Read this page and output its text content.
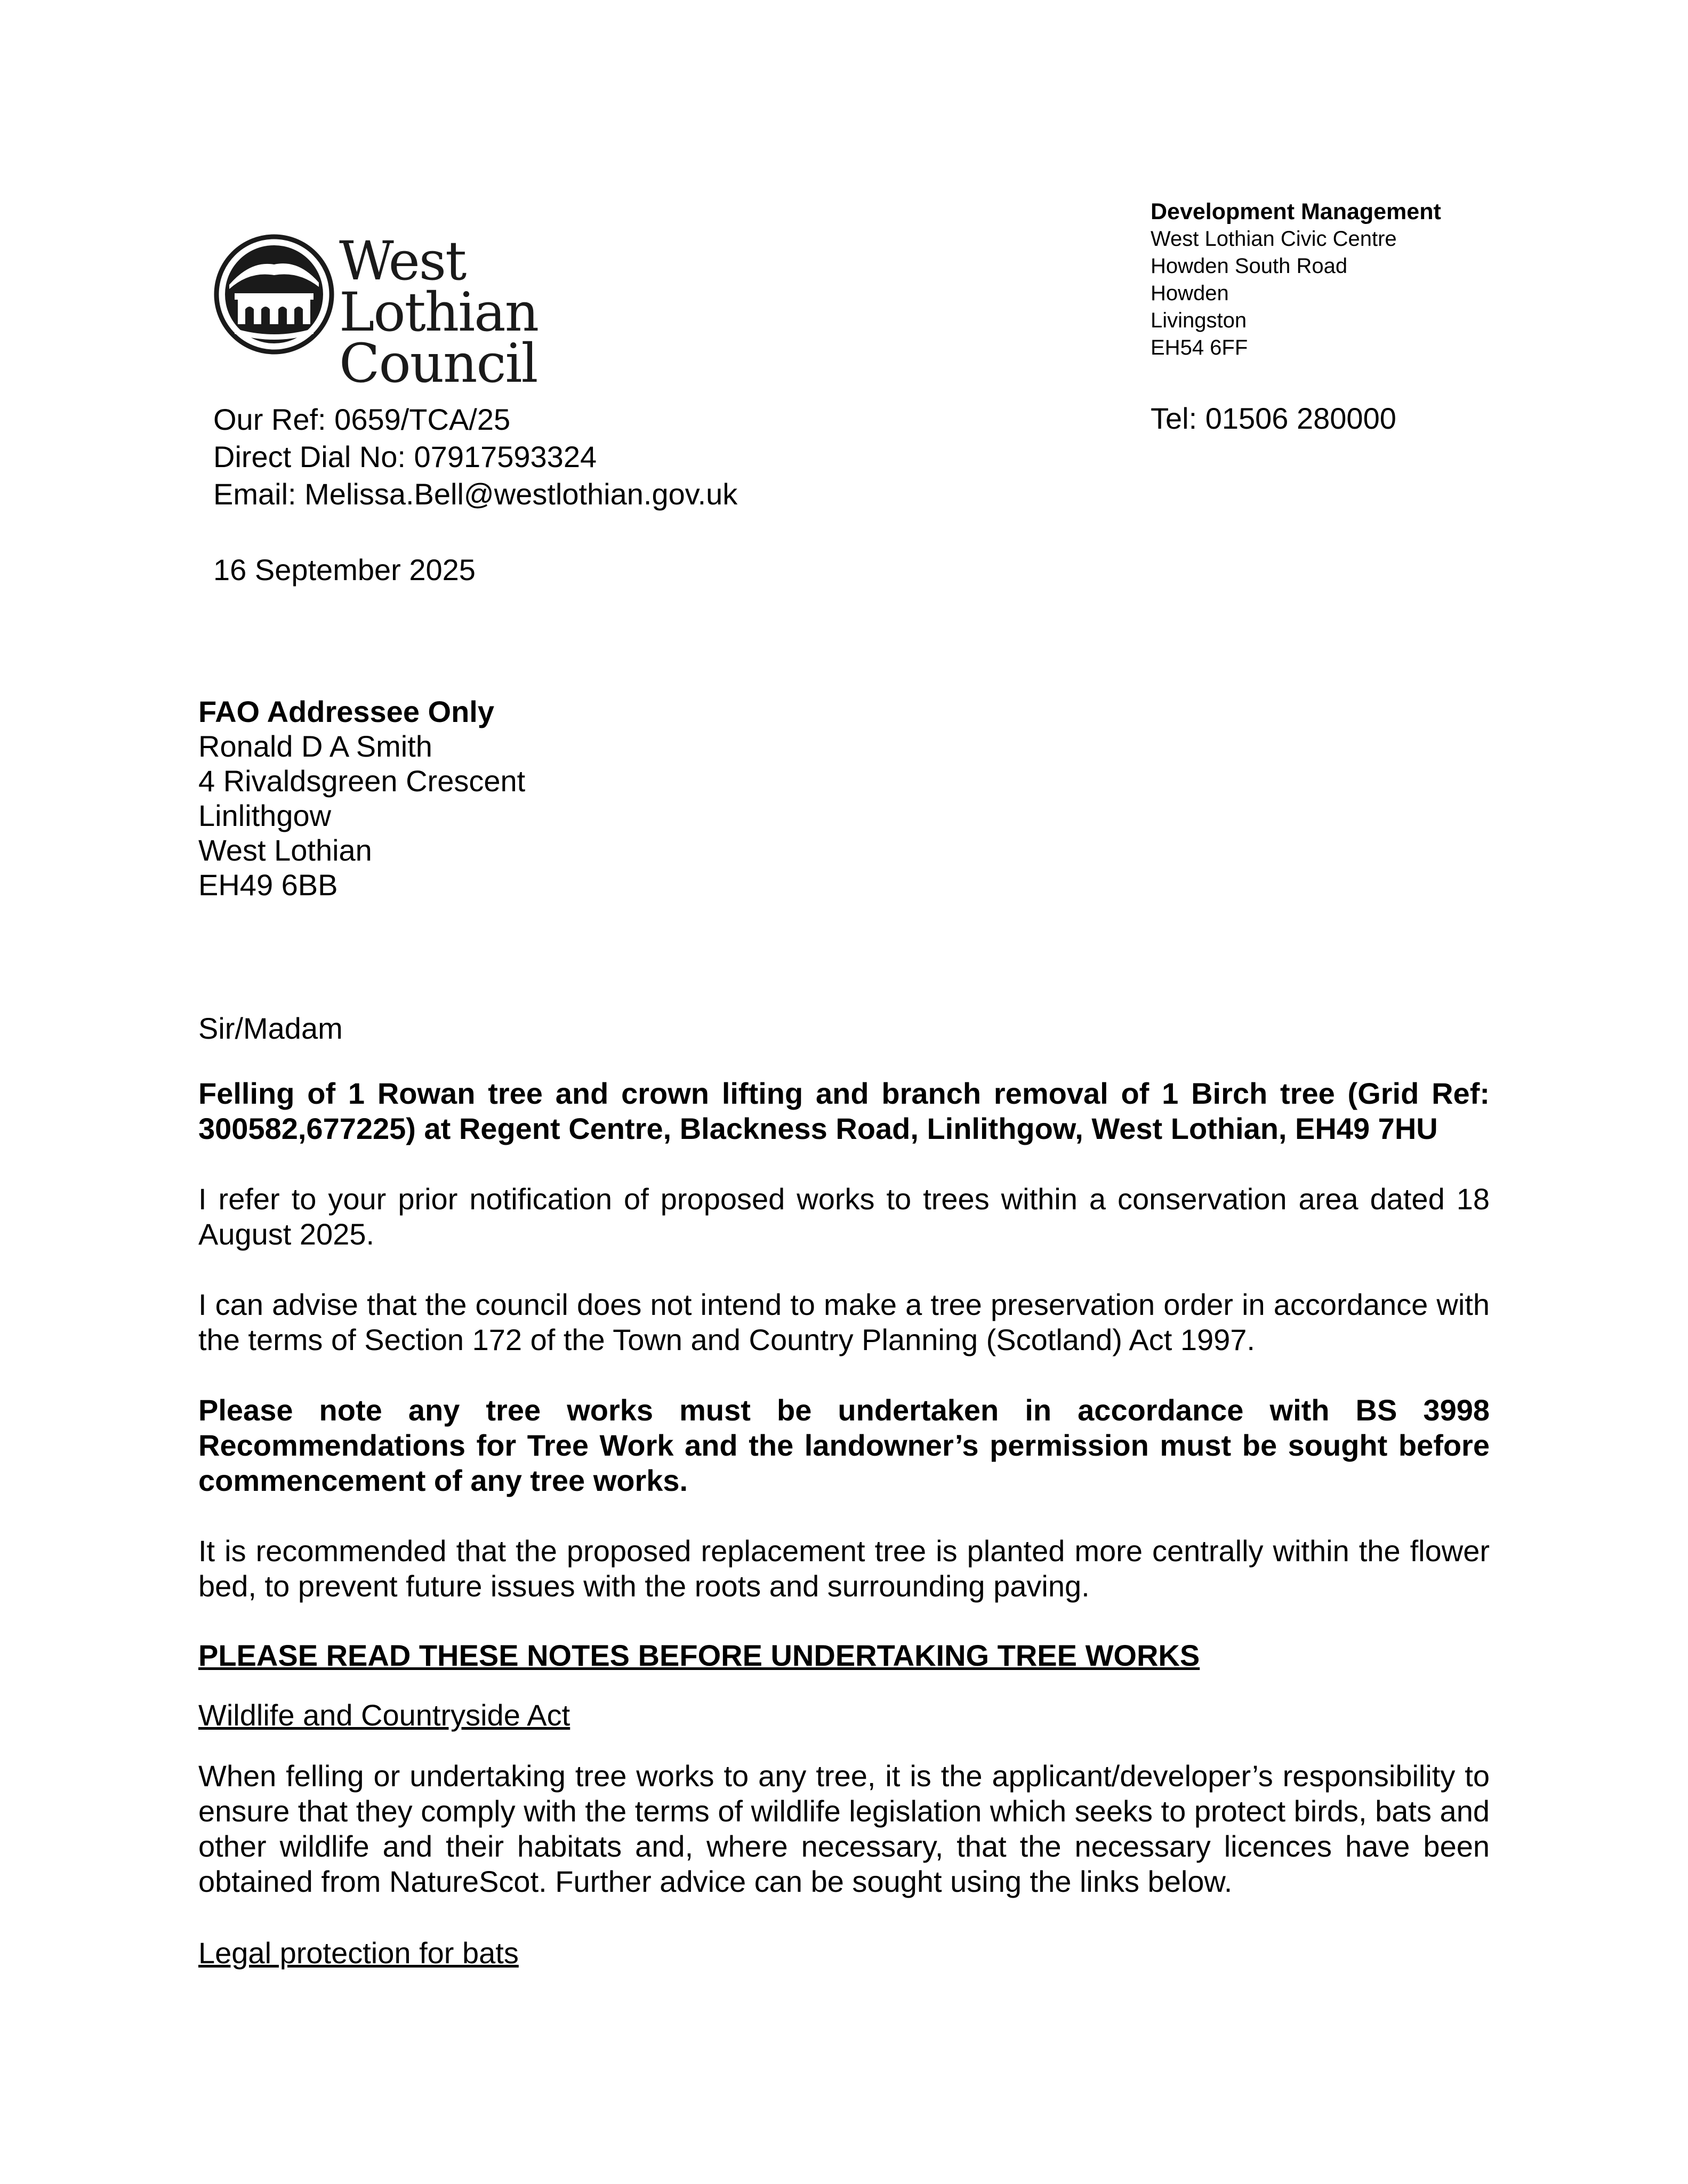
West Lothian
Council
Development Management
West Lothian Civic Centre
Howden South Road
Howden
Livingston
EH54 6FF
Tel: 01506 280000
Our Ref: 0659/TCA/25
Direct Dial No: 07917593324
Email: Melissa.Bell@westlothian.gov.uk
16 September 2025
FAO Addressee Only
Ronald D A Smith
4 Rivaldsgreen Crescent
Linlithgow
West Lothian
EH49 6BB

Sir/Madam

Felling of 1 Rowan tree and crown lifting and branch removal of 1 Birch tree (Grid Ref: 300582,677225) at Regent Centre, Blackness Road, Linlithgow, West Lothian, EH49 7HU

I refer to your prior notification of proposed works to trees within a conservation area dated 18 August 2025.

I can advise that the council does not intend to make a tree preservation order in accordance with the terms of Section 172 of the Town and Country Planning (Scotland) Act 1997.

Please note any tree works must be undertaken in accordance with BS 3998 Recommendations for Tree Work and the landowner’s permission must be sought before commencement of any tree works.

It is recommended that the proposed replacement tree is planted more centrally within the flower bed, to prevent future issues with the roots and surrounding paving.

PLEASE READ THESE NOTES BEFORE UNDERTAKING TREE WORKS

Wildlife and Countryside Act

When felling or undertaking tree works to any tree, it is the applicant/developer’s responsibility to ensure that they comply with the terms of wildlife legislation which seeks to protect birds, bats and other wildlife and their habitats and, where necessary, that the necessary licences have been obtained from NatureScot. Further advice can be sought using the links below.

Legal protection for bats
